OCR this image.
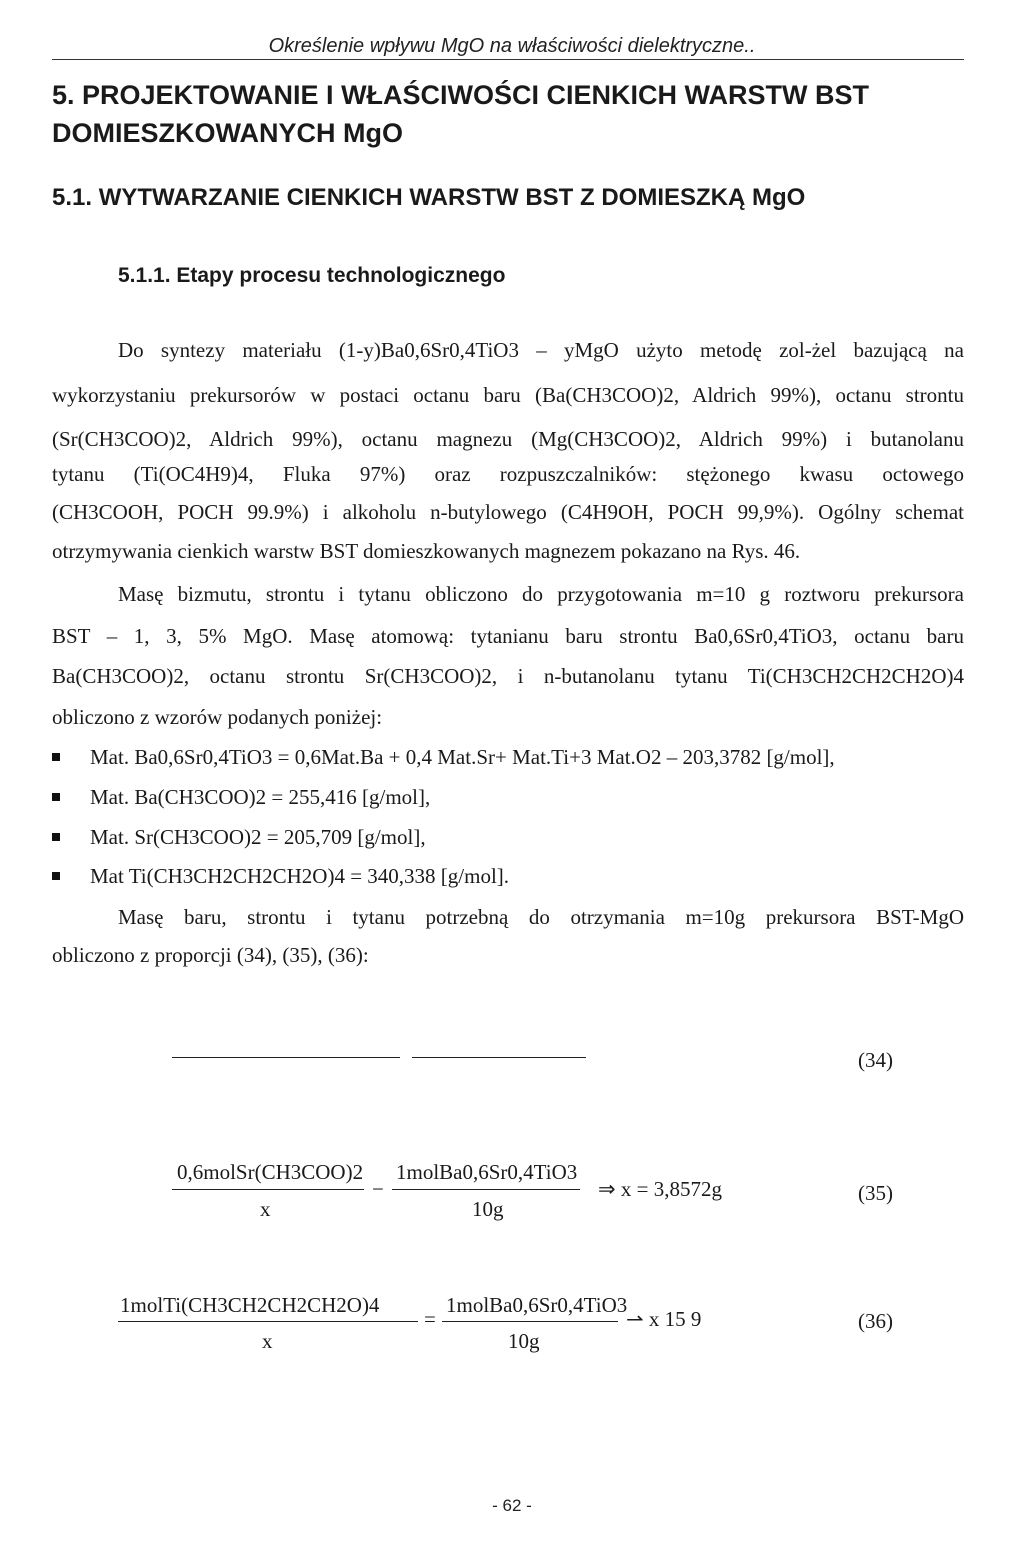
Określenie wpływu MgO na właściwości dielektryczne..
5. PROJEKTOWANIE I WŁAŚCIWOŚCI CIENKICH WARSTW BST DOMIESZKOWANYCH MgO
5.1. WYTWARZANIE CIENKICH WARSTW BST Z DOMIESZKĄ MgO
5.1.1. Etapy procesu technologicznego
Do syntezy materiału (1-y)Ba0,6Sr0,4TiO3 – yMgO użyto metodę zol-żel bazującą na
wykorzystaniu prekursorów w postaci octanu baru (Ba(CH3COO)2, Aldrich 99%), octanu strontu
(Sr(CH3COO)2, Aldrich 99%), octanu magnezu (Mg(CH3COO)2, Aldrich 99%) i butanolanu
tytanu (Ti(OC4H9)4, Fluka 97%) oraz rozpuszczalników: stężonego kwasu octowego
(CH3COOH, POCH 99.9%) i alkoholu n-butylowego (C4H9OH, POCH 99,9%). Ogólny schemat
otrzymywania cienkich warstw BST domieszkowanych magnezem pokazano na Rys. 46.
Masę bizmutu, strontu i tytanu obliczono do przygotowania m=10 g roztworu prekursora
BST – 1, 3, 5% MgO. Masę atomową: tytanianu baru strontu Ba0,6Sr0,4TiO3, octanu baru
Ba(CH3COO)2, octanu strontu Sr(CH3COO)2, i n-butanolanu tytanu Ti(CH3CH2CH2CH2O)4
obliczono z wzorów podanych poniżej:
Mat. Ba0,6Sr0,4TiO3 = 0,6Mat.Ba + 0,4 Mat.Sr+ Mat.Ti+3 Mat.O2 – 203,3782 [g/mol],
Mat. Ba(CH3COO)2 = 255,416 [g/mol],
Mat. Sr(CH3COO)2 = 205,709 [g/mol],
Mat Ti(CH3CH2CH2CH2O)4 = 340,338 [g/mol].
Masę baru, strontu i tytanu potrzebną do otrzymania m=10g prekursora BST-MgO
obliczono z proporcji (34), (35), (36):
(34)
0,6molSr(CH3COO)2
x
−
1molBa0,6Sr0,4TiO3
10g
⇒ x = 3,8572g	(35)
1molTi(CH3CH2CH2CH2O)4
x
=
1molBa0,6Sr0,4TiO3
10g
⇀ x 15 9	(36)
- 62 -
